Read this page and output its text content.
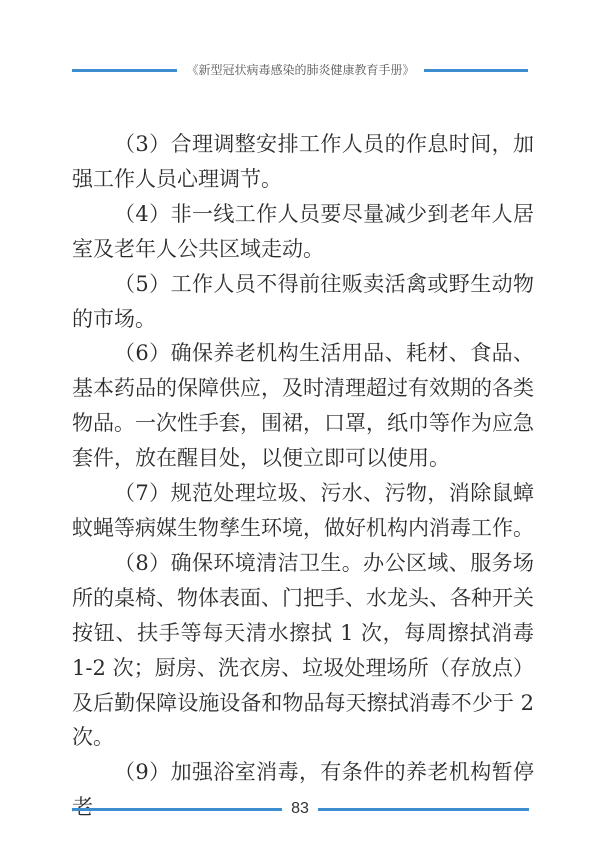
《新型冠状病毒感染的肺炎健康教育手册》

（3）合理调整安排工作人员的作息时间，加强工作人员心理调节。

（4）非一线工作人员要尽量减少到老年人居室及老年人公共区域走动。

（5）工作人员不得前往贩卖活禽或野生动物的市场。

（6）确保养老机构生活用品、耗材、食品、基本药品的保障供应，及时清理超过有效期的各类物品。一次性手套，围裙，口罩，纸巾等作为应急套件，放在醒目处，以便立即可以使用。

（7）规范处理垃圾、污水、污物，消除鼠蟑蚊蝇等病媒生物孳生环境，做好机构内消毒工作。

（8）确保环境清洁卫生。办公区域、服务场所的桌椅、物体表面、门把手、水龙头、各种开关按钮、扶手等每天清水擦拭 1 次，每周擦拭消毒 1-2 次；厨房、洗衣房、垃圾处理场所（存放点）及后勤保障设施设备和物品每天擦拭消毒不少于 2 次。

（9）加强浴室消毒，有条件的养老机构暂停

83
